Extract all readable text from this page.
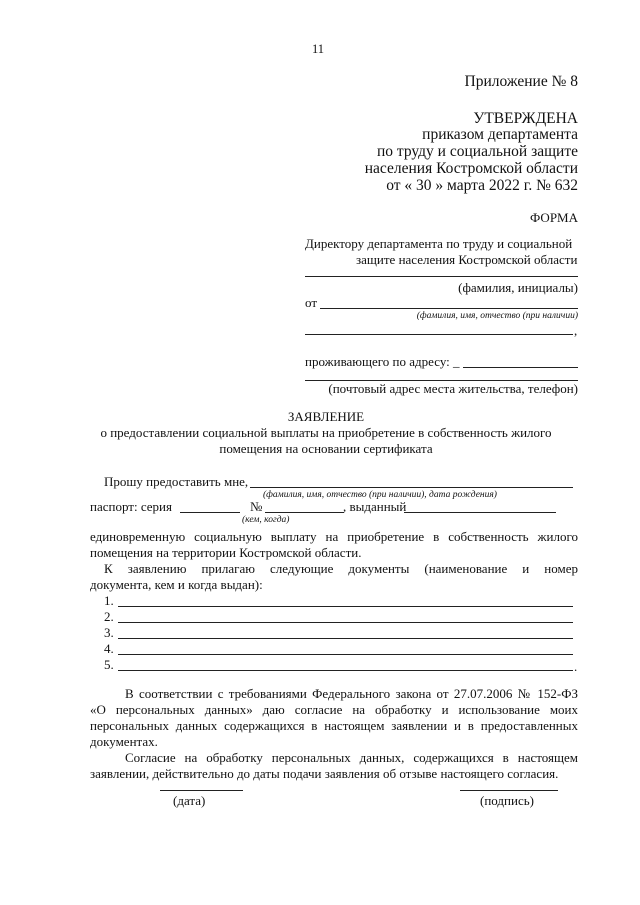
11
Приложение № 8
УТВЕРЖДЕНА
приказом департамента
по труду и социальной защите
населения Костромской области
от « 30 » марта 2022 г. № 632
ФОРМА
Директору департамента по труду и социальной
защите населения Костромской области
(фамилия, инициалы)
от
(фамилия, имя, отчество (при наличии)
,
проживающего по адресу: _
(почтовый адрес места жительства, телефон)
ЗАЯВЛЕНИЕ
о предоставлении социальной выплаты на приобретение в собственность жилого
помещения на основании сертификата
Прошу предоставить мне,
(фамилия, имя, отчество (при наличии), дата рождения)
паспорт: серия	№	, выданный
(кем, когда)
единовременную социальную выплату на приобретение в собственность жилого
помещения на территории Костромской области.
К заявлению прилагаю следующие документы (наименование и номер
документа, кем и когда выдан):
1.
2.
3.
4.
5.	.
В соответствии с требованиями Федерального закона от 27.07.2006 № 152-ФЗ
«О персональных данных» даю согласие на обработку и использование моих
персональных данных содержащихся в настоящем заявлении и в предоставленных
документах.
Согласие на обработку персональных данных, содержащихся в настоящем
заявлении, действительно до даты подачи заявления об отзыве настоящего согласия.
(дата)	(подпись)
